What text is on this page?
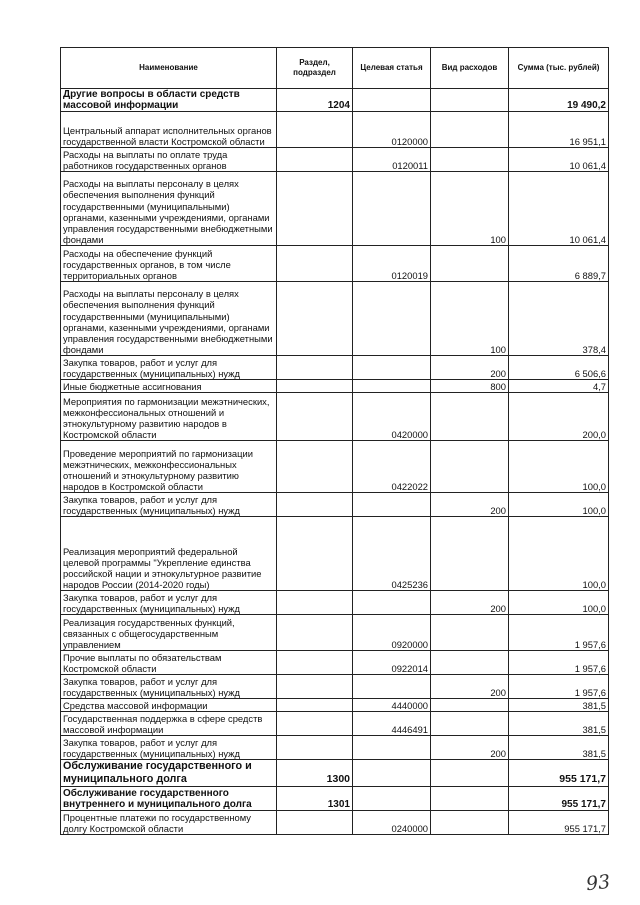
Наименование	Раздел, подраздел	Целевая статья	Вид расходов	Сумма (тыс. рублей)
Другие вопросы в области средств массовой информации	1204			19 490,2
Центральный аппарат исполнительных органов государственной власти Костромской области		0120000		16 951,1
Расходы на выплаты по оплате труда работников государственных органов		0120011		10 061,4
Расходы на выплаты персоналу в целях обеспечения выполнения функций государственными (муниципальными) органами, казенными учреждениями, органами управления государственными внебюджетными фондами			100	10 061,4
Расходы на обеспечение функций государственных органов, в том числе территориальных органов		0120019		6 889,7
Расходы на выплаты персоналу в целях обеспечения выполнения функций государственными (муниципальными) органами, казенными учреждениями, органами управления государственными внебюджетными фондами			100	378,4
Закупка товаров, работ и услуг для государственных (муниципальных) нужд			200	6 506,6
Иные бюджетные ассигнования			800	4,7
Мероприятия по гармонизации межэтнических, межконфессиональных отношений и этнокультурному развитию народов в Костромской области		0420000		200,0
Проведение мероприятий по гармонизации межэтнических, межконфессиональных отношений и этнокультурному развитию народов в Костромской области		0422022		100,0
Закупка товаров, работ и услуг для государственных (муниципальных) нужд			200	100,0
Реализация мероприятий федеральной целевой программы "Укрепление единства российской нации и этнокультурное развитие народов России (2014-2020 годы)		0425236		100,0
Закупка товаров, работ и услуг для государственных (муниципальных) нужд			200	100,0
Реализация государственных функций, связанных с общегосударственным управлением		0920000		1 957,6
Прочие выплаты по обязательствам Костромской области		0922014		1 957,6
Закупка товаров, работ и услуг для государственных (муниципальных) нужд			200	1 957,6
Средства массовой информации		4440000		381,5
Государственная поддержка в сфере средств массовой информации		4446491		381,5
Закупка товаров, работ и услуг для государственных (муниципальных) нужд			200	381,5
Обслуживание государственного и муниципального долга	1300			955 171,7
Обслуживание государственного внутреннего и муниципального долга	1301			955 171,7
Процентные платежи по государственному долгу Костромской области		0240000		955 171,7
93
